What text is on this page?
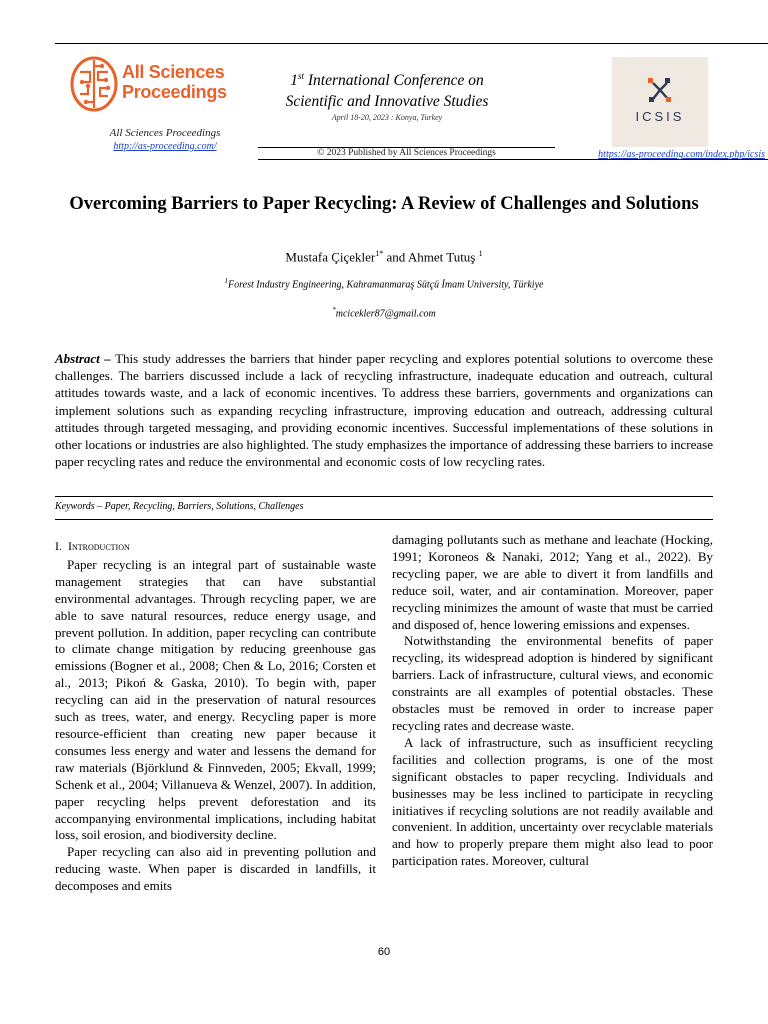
All Sciences
Proceedings
All Sciences Proceedings
http://as-proceeding.com/
1st International Conference on
Scientific and Innovative Studies
April 18-20, 2023 : Konya, Turkey	ICSIS
© 2023 Published by All Sciences Proceedings	https://as-proceeding.com/index.php/icsis
Overcoming Barriers to Paper Recycling: A Review of Challenges and Solutions
Mustafa Çiçekler$^{1*}$ and Ahmet Tutuş $^1$
$^1$Forest Industry Engineering, Kahramanmaraş Sütçü İmam University, Türkiye
*mcicekler87@gmail.com
Abstract – This study addresses the barriers that hinder paper recycling and explores potential solutions to overcome these challenges. The barriers discussed include a lack of recycling infrastructure, inadequate education and outreach, cultural attitudes towards waste, and a lack of economic incentives. To address these barriers, governments and organizations can implement solutions such as expanding recycling infrastructure, improving education and outreach, addressing cultural attitudes through targeted messaging, and providing economic incentives. Successful implementations of these solutions in other locations or industries are also highlighted. The study emphasizes the importance of addressing these barriers to increase paper recycling rates and reduce the environmental and economic costs of low recycling rates.
Keywords – Paper, Recycling, Barriers, Solutions, Challenges
I. Introduction

Paper recycling is an integral part of sustainable waste management strategies that can have substantial environmental advantages. Through recycling paper, we are able to save natural resources, reduce energy usage, and prevent pollution. In addition, paper recycling can contribute to climate change mitigation by reducing greenhouse gas emissions (Bogner et al., 2008; Chen & Lo, 2016; Corsten et al., 2013; Pikoń & Gaska, 2010). To begin with, paper recycling can aid in the preservation of natural resources such as trees, water, and energy. Recycling paper is more resource-efficient than creating new paper because it consumes less energy and water and lessens the demand for raw materials (Björklund & Finnveden, 2005; Ekvall, 1999; Schenk et al., 2004; Villanueva & Wenzel, 2007). In addition, paper recycling helps prevent deforestation and its accompanying environmental implications, including habitat loss, soil erosion, and biodiversity decline.

Paper recycling can also aid in preventing pollution and reducing waste. When paper is discarded in landfills, it decomposes and emits

damaging pollutants such as methane and leachate (Hocking, 1991; Koroneos & Nanaki, 2012; Yang et al., 2022). By recycling paper, we are able to divert it from landfills and reduce soil, water, and air contamination. Moreover, paper recycling minimizes the amount of waste that must be carried and disposed of, hence lowering emissions and expenses.

Notwithstanding the environmental benefits of paper recycling, its widespread adoption is hindered by significant barriers. Lack of infrastructure, cultural views, and economic constraints are all examples of potential obstacles. These obstacles must be removed in order to increase paper recycling rates and decrease waste.

A lack of infrastructure, such as insufficient recycling facilities and collection programs, is one of the most significant obstacles to paper recycling. Individuals and businesses may be less inclined to participate in recycling initiatives if recycling solutions are not readily available and convenient. In addition, uncertainty over recyclable materials and how to properly prepare them might also lead to poor participation rates. Moreover, cultural

60
